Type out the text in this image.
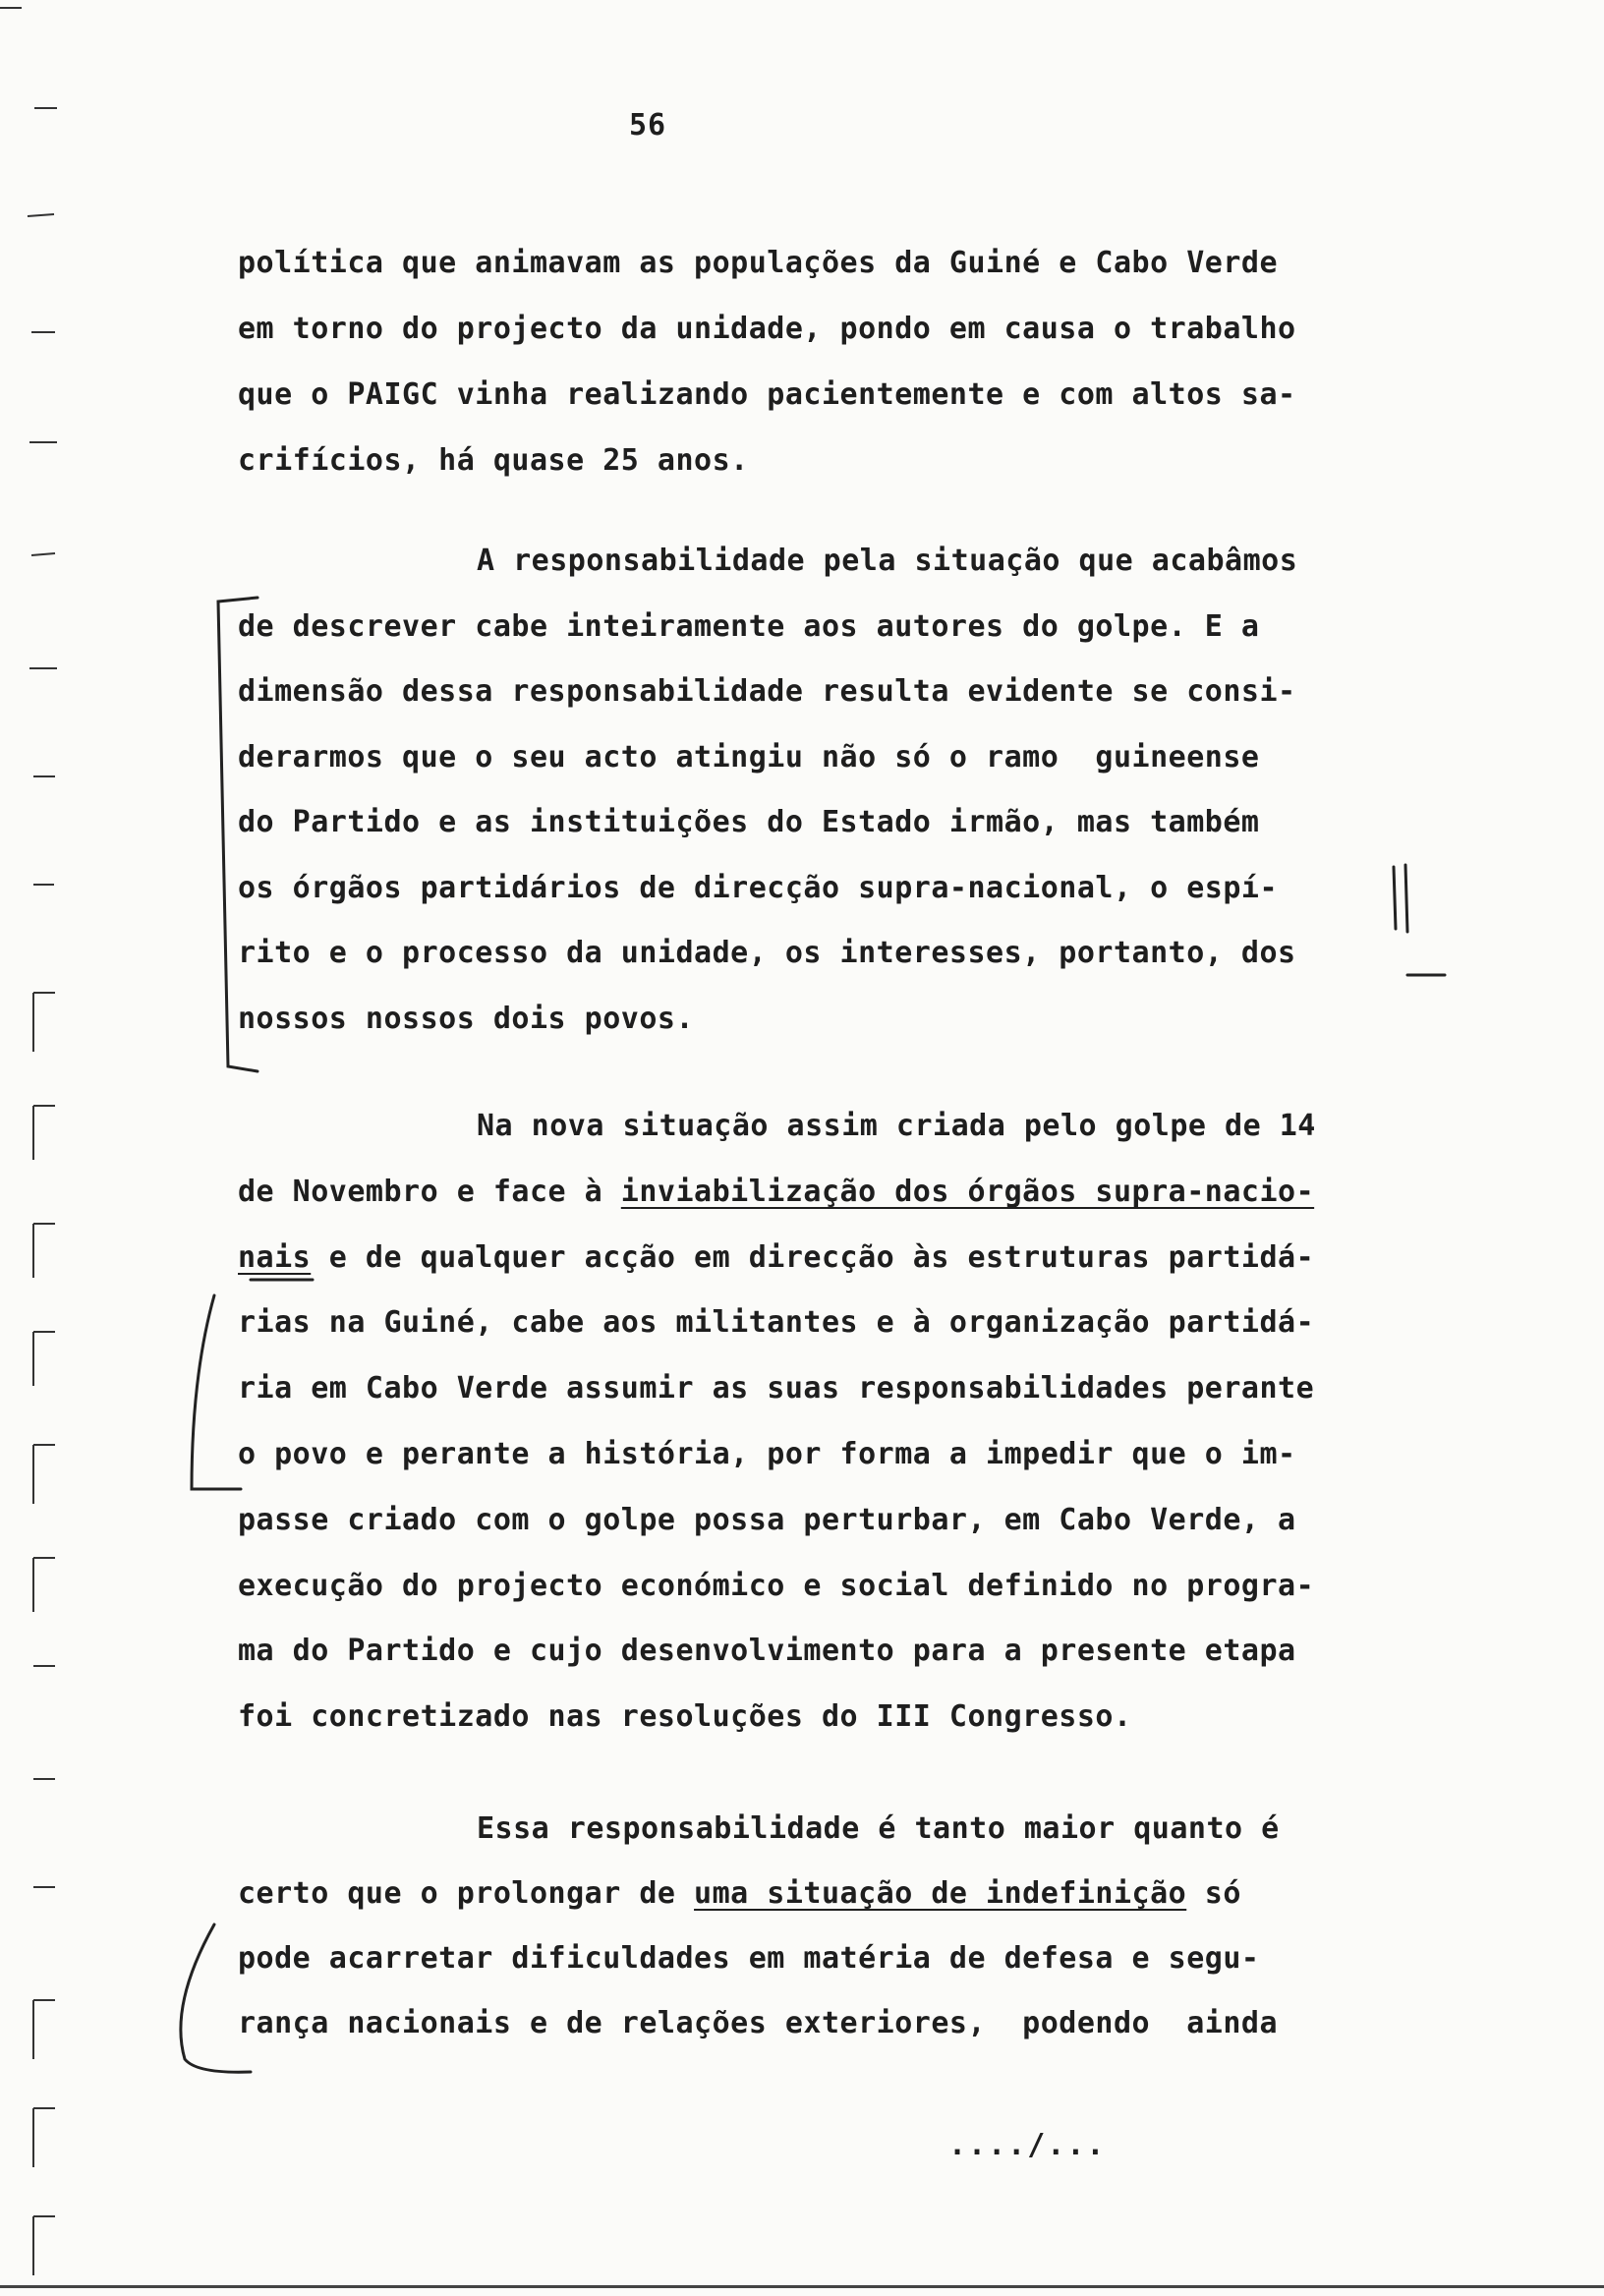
56
política que animavam as populações da Guiné e Cabo Verde
em torno do projecto da unidade, pondo em causa o trabalho
que o PAIGC vinha realizando pacientemente e com altos sa-
crifícios, há quase 25 anos.
A responsabilidade pela situação que acabâmos
de descrever cabe inteiramente aos autores do golpe. E a
dimensão dessa responsabilidade resulta evidente se consi-
derarmos que o seu acto atingiu não só o ramo  guineense
do Partido e as instituições do Estado irmão, mas também
os órgãos partidários de direcção supra-nacional, o espí-
rito e o processo da unidade, os interesses, portanto, dos
nossos nossos dois povos.
Na nova situação assim criada pelo golpe de 14
de Novembro e face à inviabilização dos órgãos supra-nacio-
nais e de qualquer acção em direcção às estruturas partidá-
rias na Guiné, cabe aos militantes e à organização partidá-
ria em Cabo Verde assumir as suas responsabilidades perante
o povo e perante a história, por forma a impedir que o im-
passe criado com o golpe possa perturbar, em Cabo Verde, a
execução do projecto económico e social definido no progra-
ma do Partido e cujo desenvolvimento para a presente etapa
foi concretizado nas resoluções do III Congresso.
Essa responsabilidade é tanto maior quanto é
certo que o prolongar de uma situação de indefinição só
pode acarretar dificuldades em matéria de defesa e segu-
rança nacionais e de relações exteriores,  podendo  ainda
..../...
